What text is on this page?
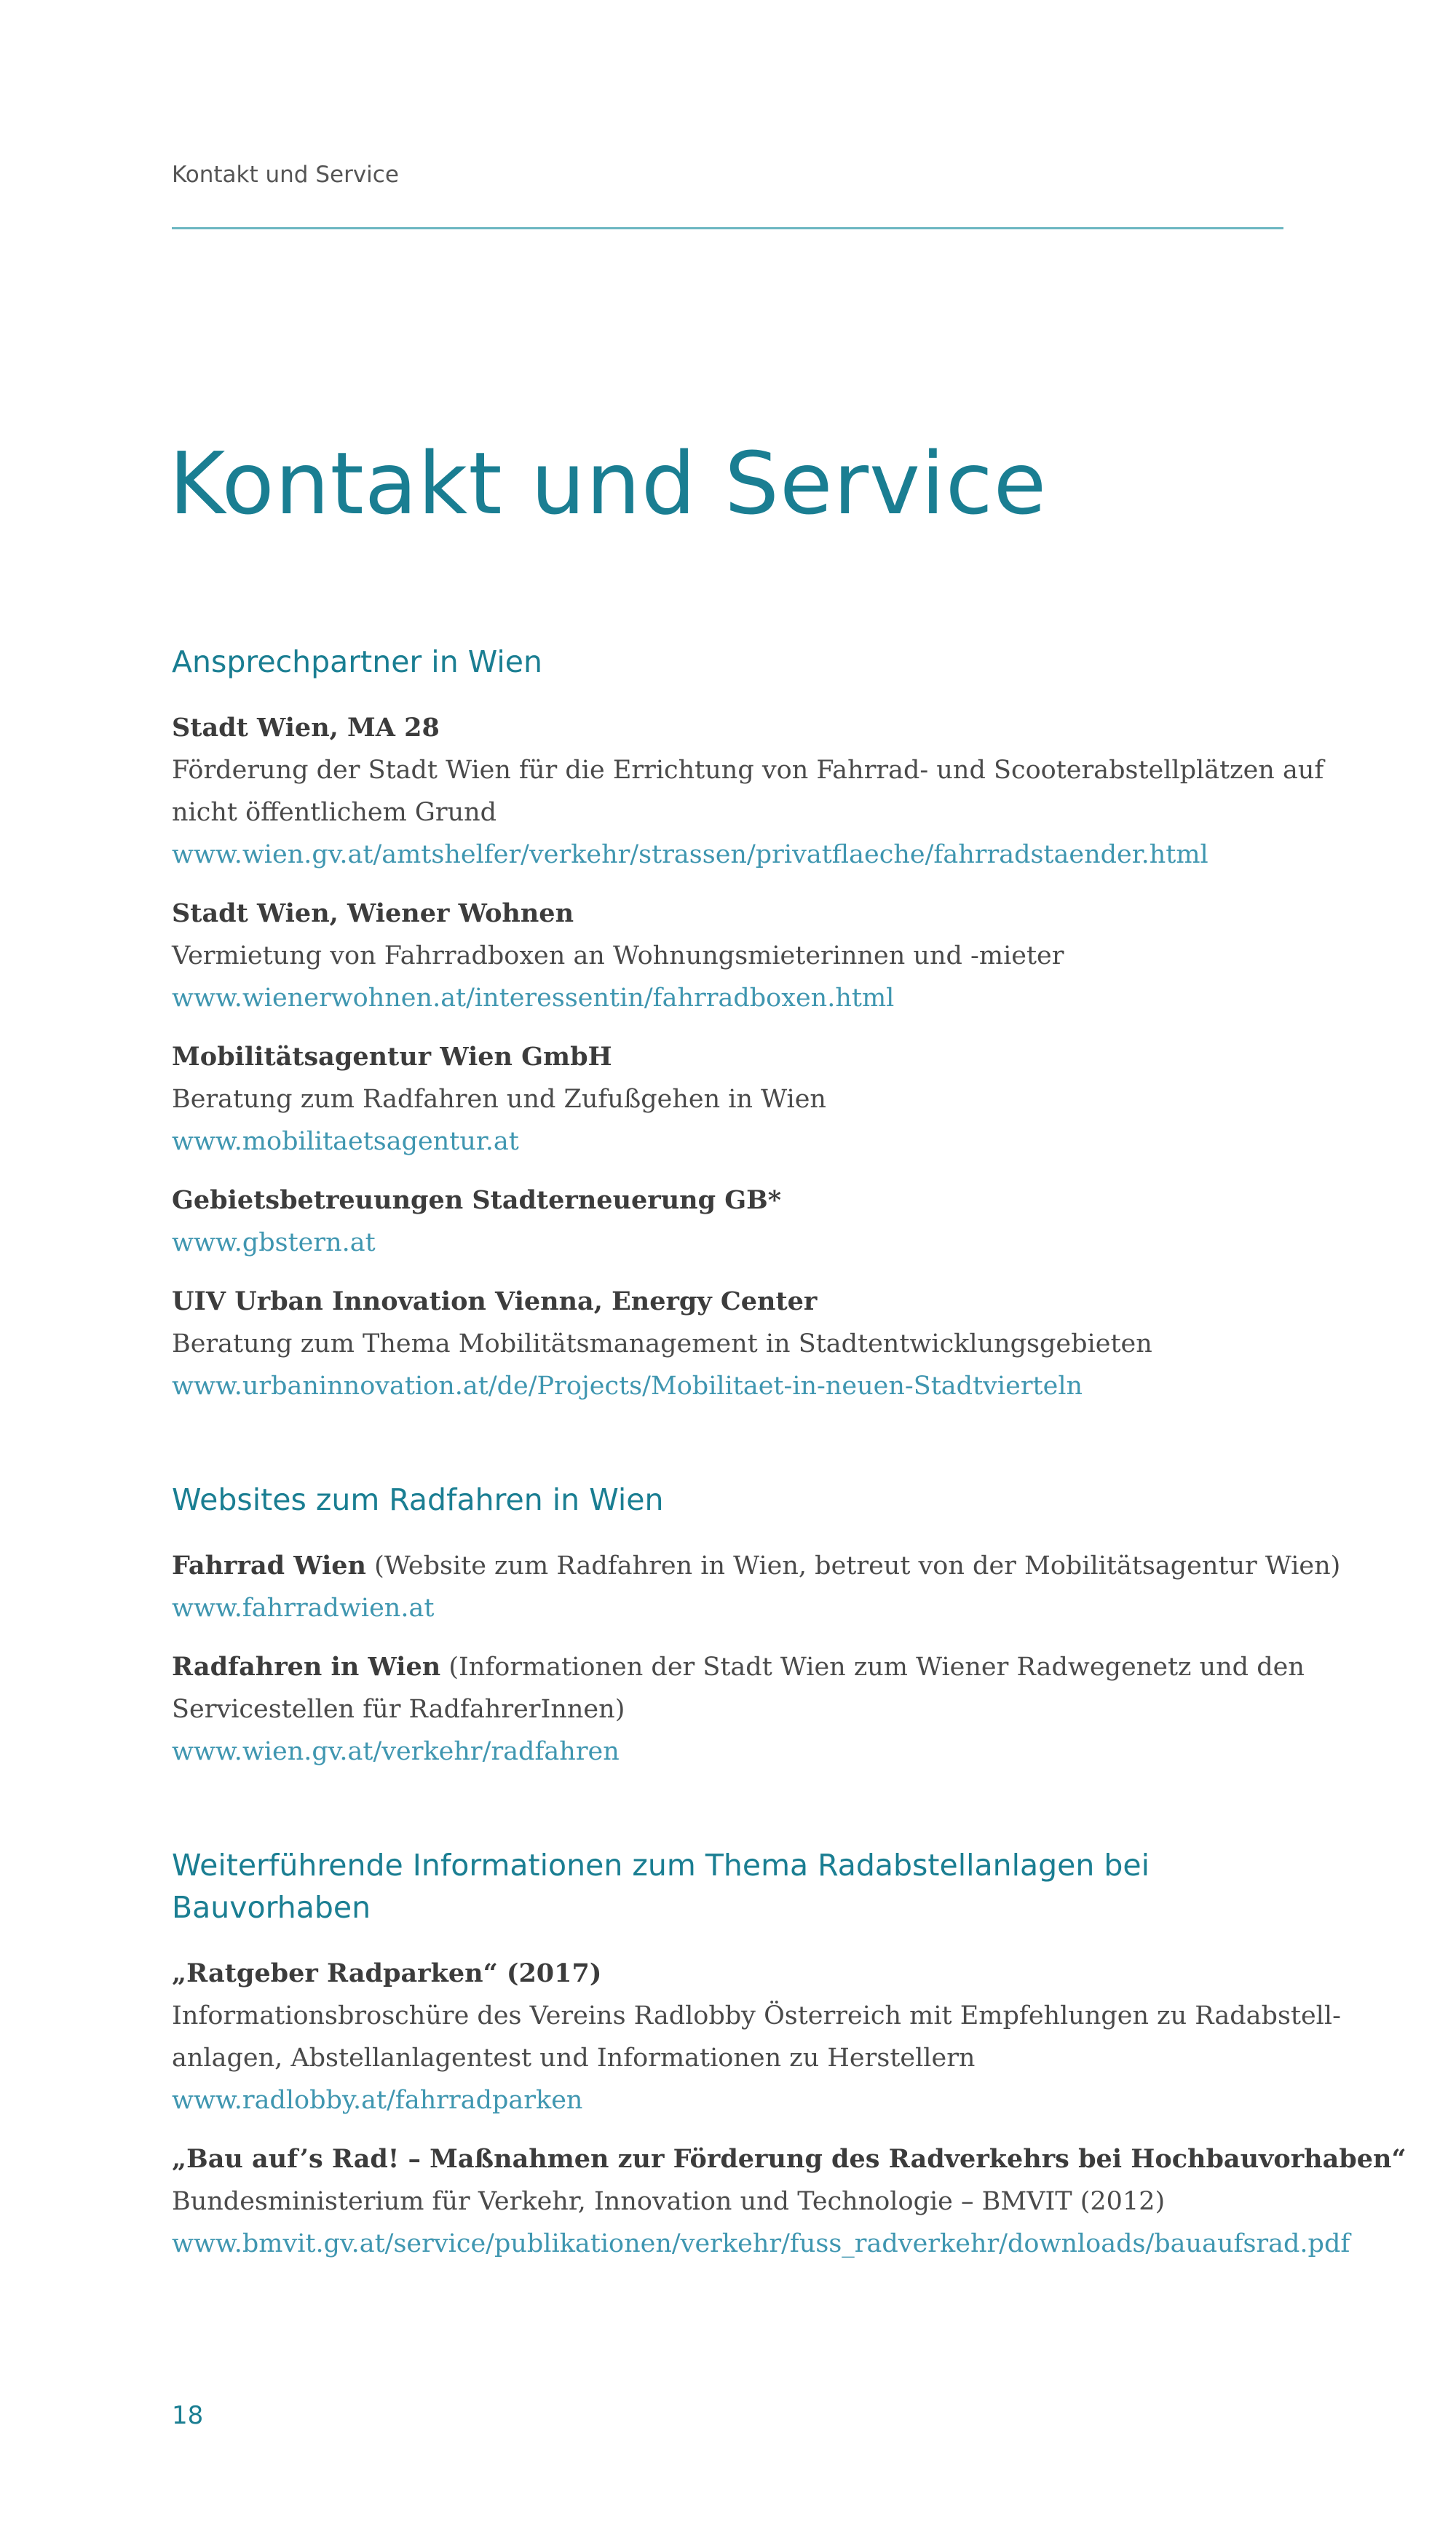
Kontakt und Service
Kontakt und Service
Ansprechpartner in Wien
Stadt Wien, MA 28
Förderung der Stadt Wien für die Errichtung von Fahrrad- und Scooterabstellplätzen auf
nicht öffentlichem Grund
www.wien.gv.at/amtshelfer/verkehr/strassen/privatflaeche/fahrradstaender.html
Stadt Wien, Wiener Wohnen
Vermietung von Fahrradboxen an Wohnungsmieterinnen und -mieter
www.wienerwohnen.at/interessentin/fahrradboxen.html
Mobilitätsagentur Wien GmbH
Beratung zum Radfahren und Zufußgehen in Wien
www.mobilitaetsagentur.at
Gebietsbetreuungen Stadterneuerung GB*
www.gbstern.at
UIV Urban Innovation Vienna, Energy Center
Beratung zum Thema Mobilitätsmanagement in Stadtentwicklungsgebieten
www.urbaninnovation.at/de/Projects/Mobilitaet-in-neuen-Stadtvierteln
Websites zum Radfahren in Wien
Fahrrad Wien (Website zum Radfahren in Wien, betreut von der Mobilitätsagentur Wien)
www.fahrradwien.at
Radfahren in Wien (Informationen der Stadt Wien zum Wiener Radwegenetz und den
Servicestellen für RadfahrerInnen)
www.wien.gv.at/verkehr/radfahren
Weiterführende Informationen zum Thema Radabstellanlagen bei
Bauvorhaben
„Ratgeber Radparken“ (2017)
Informationsbroschüre des Vereins Radlobby Österreich mit Empfehlungen zu Radabstell-
anlagen, Abstellanlagentest und Informationen zu Herstellern
www.radlobby.at/fahrradparken
„Bau auf’s Rad! – Maßnahmen zur Förderung des Radverkehrs bei Hochbauvorhaben“
Bundesministerium für Verkehr, Innovation und Technologie – BMVIT (2012)
www.bmvit.gv.at/service/publikationen/verkehr/fuss_radverkehr/downloads/bauaufsrad.pdf
18
